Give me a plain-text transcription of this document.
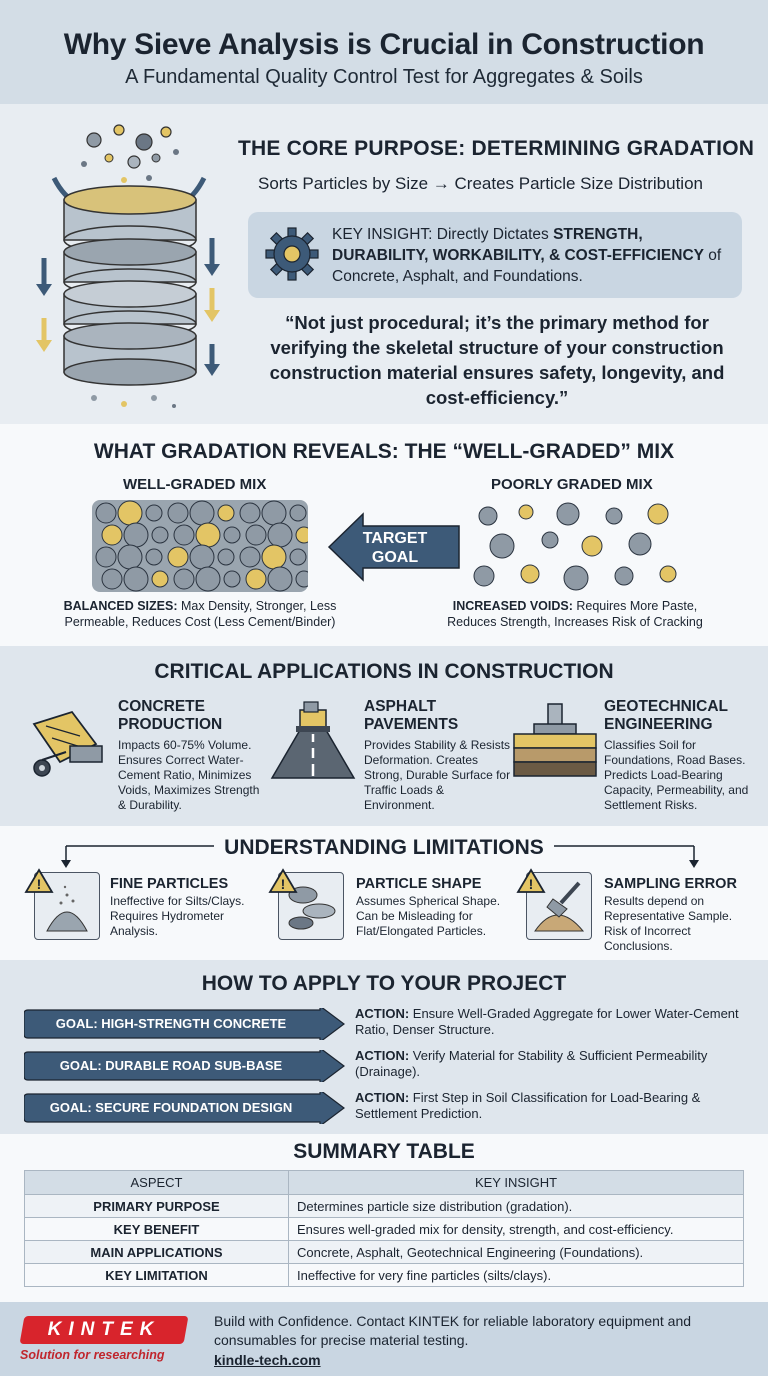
Why Sieve Analysis is Crucial in Construction
A Fundamental Quality Control Test for Aggregates & Soils
THE CORE PURPOSE: DETERMINING GRADATION
Sorts Particles by Size → Creates Particle Size Distribution
KEY INSIGHT: Directly Dictates STRENGTH, DURABILITY, WORKABILITY, & COST-EFFICIENCY of Concrete, Asphalt, and Foundations.
“Not just procedural; it’s the primary method for verifying the skeletal structure of your construction construction material ensures safety, longevity, and cost-efficiency.”
WHAT GRADATION REVEALS: THE “WELL-GRADED” MIX
WELL-GRADED MIX	POORLY GRADED MIX
TARGET
GOAL
BALANCED SIZES: Max Density, Stronger, Less Permeable, Reduces Cost (Less Cement/Binder)
INCREASED VOIDS: Requires More Paste, Reduces Strength, Increases Risk of Cracking
CRITICAL APPLICATIONS IN CONSTRUCTION
CONCRETE PRODUCTION
Impacts 60-75% Volume. Ensures Correct Water-Cement Ratio, Minimizes Voids, Maximizes Strength & Durability.
ASPHALT PAVEMENTS
Provides Stability & Resists Deformation. Creates Strong, Durable Surface for Traffic Loads & Environment.
GEOTECHNICAL ENGINEERING
Classifies Soil for Foundations, Road Bases. Predicts Load-Bearing Capacity, Permeability, and Settlement Risks.
UNDERSTANDING LIMITATIONS
!	FINE PARTICLES
Ineffective for Silts/Clays. Requires Hydrometer Analysis.
!	PARTICLE SHAPE
Assumes Spherical Shape. Can be Misleading for Flat/Elongated Particles.
!	SAMPLING ERROR
Results depend on Representative Sample. Risk of Incorrect Conclusions.
HOW TO APPLY TO YOUR PROJECT
GOAL: HIGH-STRENGTH CONCRETE
ACTION: Ensure Well-Graded Aggregate for Lower Water-Cement Ratio, Denser Structure.
GOAL: DURABLE ROAD SUB-BASE
ACTION: Verify Material for Stability & Sufficient Permeability (Drainage).
GOAL: SECURE FOUNDATION DESIGN
ACTION: First Step in Soil Classification for Load-Bearing & Settlement Prediction.
SUMMARY TABLE
ASPECT	KEY INSIGHT
PRIMARY PURPOSE	Determines particle size distribution (gradation).
KEY BENEFIT	Ensures well-graded mix for density, strength, and cost-efficiency.
MAIN APPLICATIONS	Concrete, Asphalt, Geotechnical Engineering (Foundations).
KEY LIMITATION	Ineffective for very fine particles (silts/clays).
KINTEK
Solution for researching
Build with Confidence. Contact KINTEK for reliable laboratory equipment and consumables for precise material testing.
kindle-tech.com
